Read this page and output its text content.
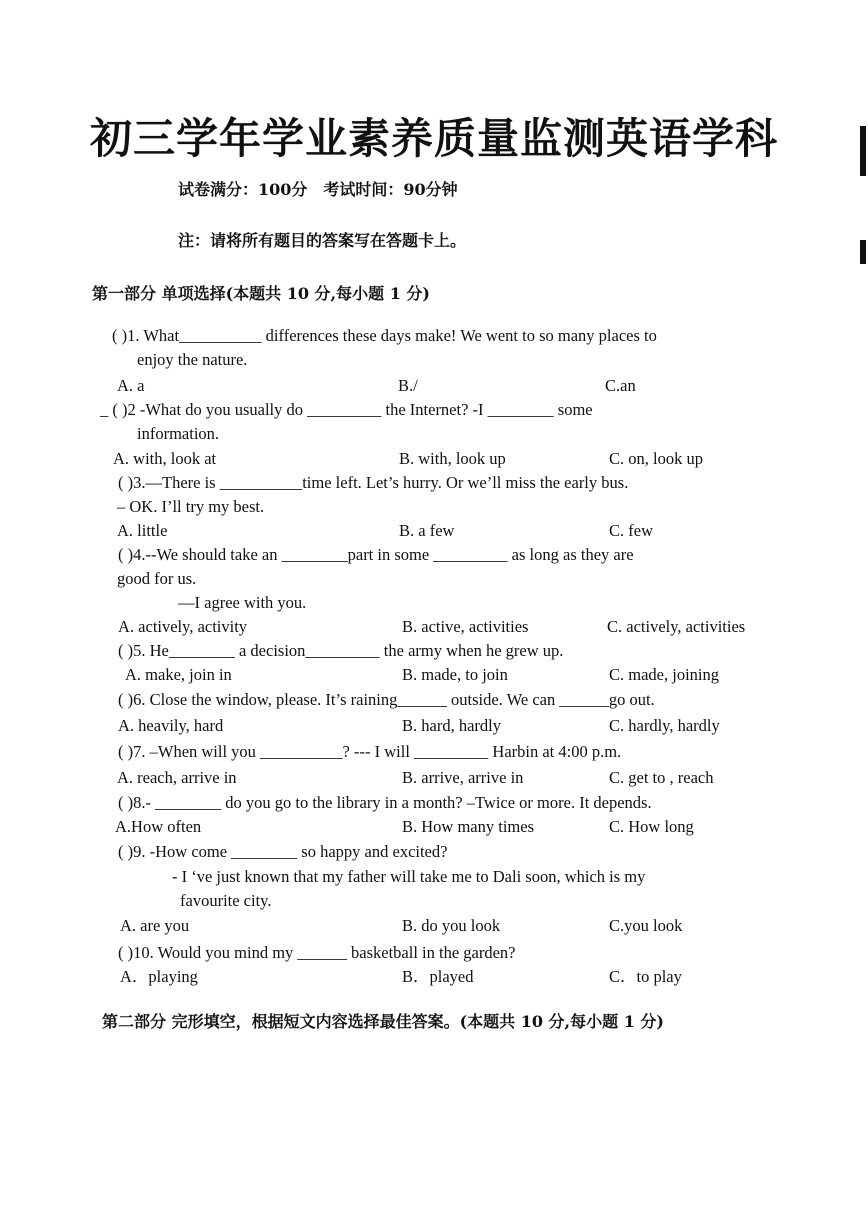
初三学年学业素养质量监测英语学科
试卷满分：100分　考试时间：90分钟
注：请将所有题目的答案写在答题卡上。
第一部分 单项选择(本题共 10 分,每小题 1 分)
( )1. What__________ differences these days make! We went to so many places to
enjoy the nature.
A. a	B./	C.an
_ ( )2 -What do you usually do _________ the Internet? -I ________ some
information.
A. with, look at	B. with, look up	C. on, look up
( )3.—There is __________time left. Let’s hurry. Or we’ll miss the early bus.
– OK. I’ll try my best.
A. little	B. a few	C. few
( )4.--We should take an ________part in some _________ as long as they are
good for us.
—I agree with you.
A. actively, activity	B. active, activities	C. actively, activities
( )5. He________ a decision_________ the army when he grew up.
A. make, join in	B. made, to join	C. made, joining
( )6. Close the window, please. It’s raining______ outside. We can ______go out.
A. heavily, hard	B. hard, hardly	C. hardly, hardly
( )7. –When will you __________? --- I will _________ Harbin at 4:00 p.m.
A. reach, arrive in	B. arrive, arrive in	C. get to , reach
( )8.- ________ do you go to the library in a month? –Twice or more. It depends.
A.How often	B. How many times	C. How long
( )9. -How come ________ so happy and excited?
- I ‘ve just known that my father will take me to Dali soon, which is my
favourite city.
A. are you	B. do you look	C.you look
( )10. Would you mind my ______ basketball in the garden?
A．playing	B．played	C．to play
第二部分 完形填空，根据短文内容选择最佳答案。(本题共 10 分,每小题 1 分)
